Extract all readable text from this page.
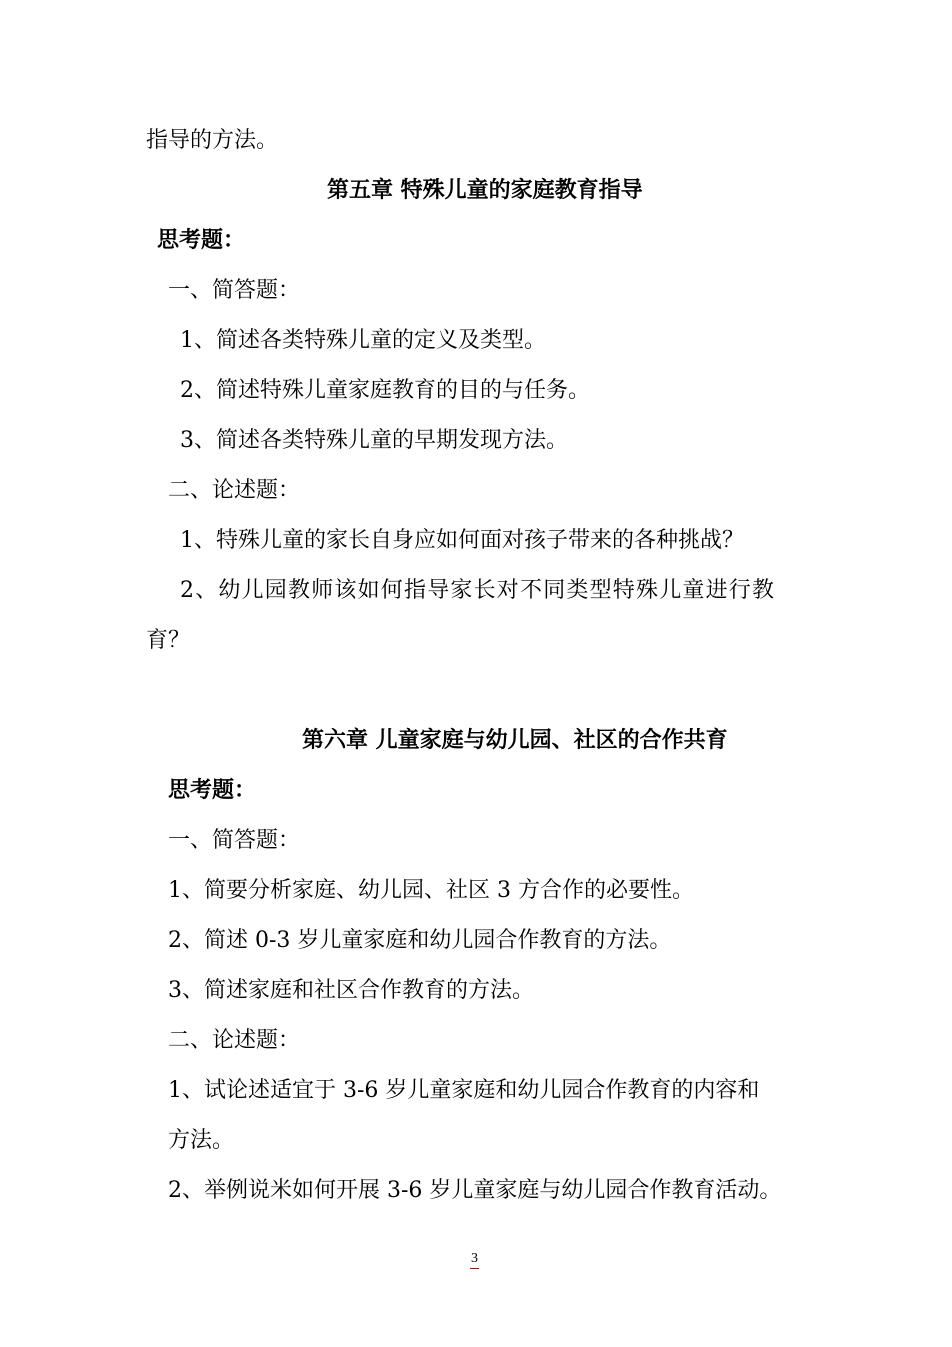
指导的方法。
第五章 特殊儿童的家庭教育指导
思考题：
一、简答题：
1、简述各类特殊儿童的定义及类型。
2、简述特殊儿童家庭教育的目的与任务。
3、简述各类特殊儿童的早期发现方法。
二、论述题：
1、特殊儿童的家长自身应如何面对孩子带来的各种挑战？
2、幼儿园教师该如何指导家长对不同类型特殊儿童进行教
育？
第六章 儿童家庭与幼儿园、社区的合作共育
思考题：
一、简答题：
1、简要分析家庭、幼儿园、社区 3 方合作的必要性。
2、简述 0-3 岁儿童家庭和幼儿园合作教育的方法。
3、简述家庭和社区合作教育的方法。
二、论述题：
1、试论述适宜于 3-6 岁儿童家庭和幼儿园合作教育的内容和
方法。
2、举例说米如何开展 3-6 岁儿童家庭与幼儿园合作教育活动。
3
